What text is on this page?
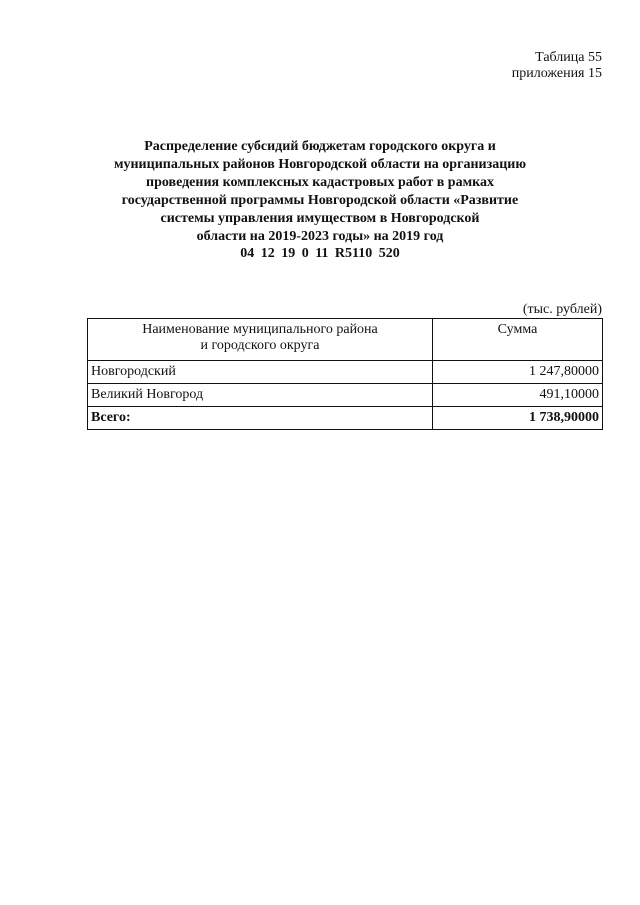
Таблица 55
приложения 15
Распределение субсидий бюджетам городского округа и
муниципальных районов Новгородской области на организацию
проведения комплексных кадастровых работ в рамках
государственной программы Новгородской области «Развитие
системы управления имуществом в Новгородской
области на 2019-2023 годы» на 2019 год
04 12 19 0 11 R5110 520
(тыс. рублей)
Наименование муниципального района
и городского округа	Сумма
Новгородский	1 247,80000
Великий Новгород	491,10000
Всего:	1 738,90000
